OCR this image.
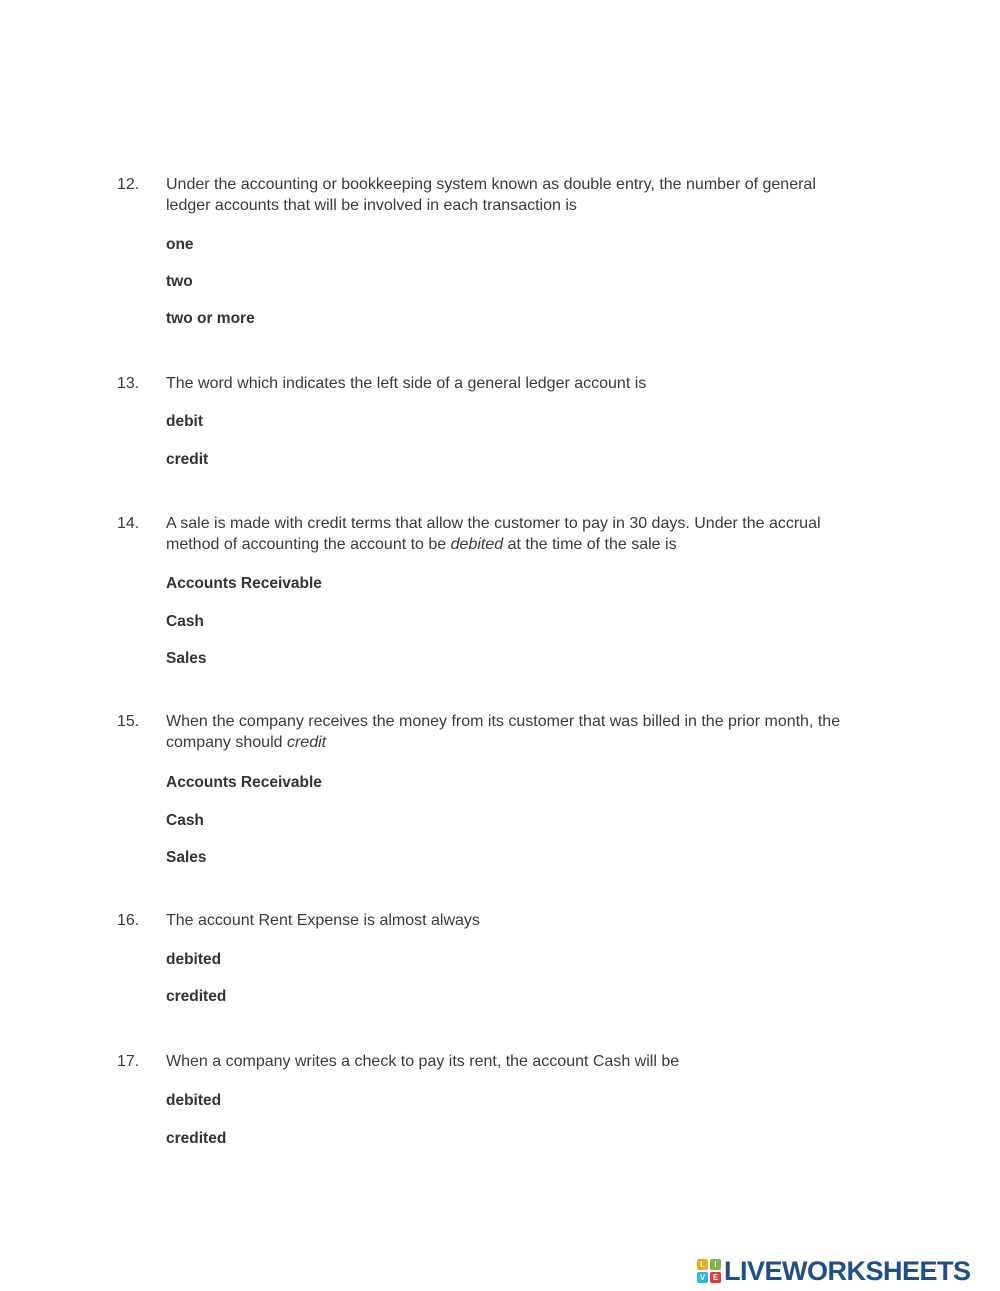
12. Under the accounting or bookkeeping system known as double entry, the number of general ledger accounts that will be involved in each transaction is
one
two
two or more
13. The word which indicates the left side of a general ledger account is
debit
credit
14. A sale is made with credit terms that allow the customer to pay in 30 days. Under the accrual method of accounting the account to be debited at the time of the sale is
Accounts Receivable
Cash
Sales
15. When the company receives the money from its customer that was billed in the prior month, the company should credit
Accounts Receivable
Cash
Sales
16. The account Rent Expense is almost always
debited
credited
17. When a company writes a check to pay its rent, the account Cash will be
debited
credited
L	I
V E LIVEWORKSHEETS
